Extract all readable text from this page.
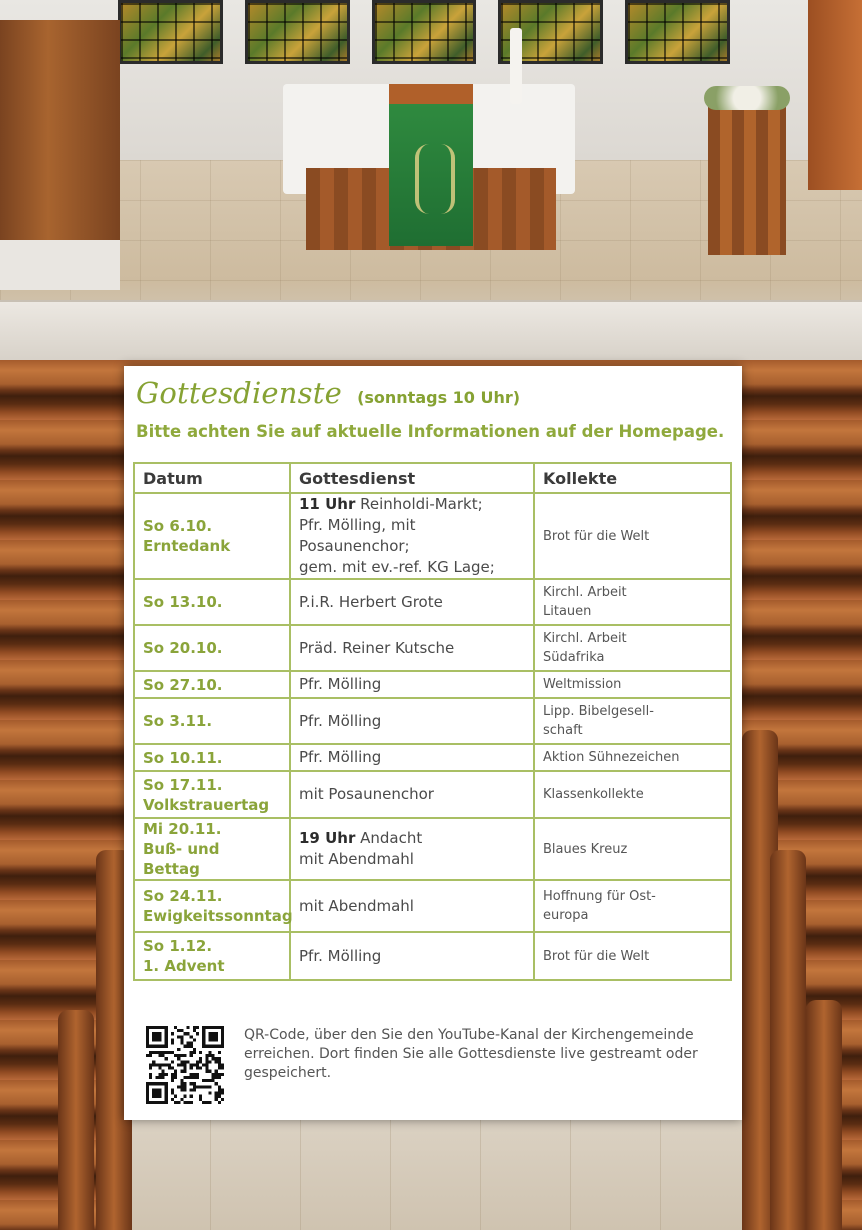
Gottesdienste (sonntags 10 Uhr)
Bitte achten Sie auf aktuelle Informationen auf der Homepage.
Datum	Gottesdienst	Kollekte
So 6.10.
Erntedank	11 Uhr Reinholdi-Markt;
Pfr. Mölling, mit Posaunenchor;
gem. mit ev.-ref. KG Lage;	Brot für die Welt
So 13.10.	P.i.R. Herbert Grote	Kirchl. Arbeit
Litauen
So 20.10.	Präd. Reiner Kutsche	Kirchl. Arbeit
Südafrika
So 27.10.	Pfr. Mölling	Weltmission
So 3.11.	Pfr. Mölling	Lipp. Bibelgesell-
schaft
So 10.11.	Pfr. Mölling	Aktion Sühnezeichen
So 17.11.
Volkstrauertag	mit Posaunenchor	Klassenkollekte
Mi 20.11.
Buß- und Bettag	19 Uhr Andacht
mit Abendmahl	Blaues Kreuz
So 24.11.
Ewigkeitssonntag	mit Abendmahl	Hoffnung für Ost-
europa
So 1.12.
1. Advent	Pfr. Mölling	Brot für die Welt
QR-Code, über den Sie den YouTube-Kanal der Kirchengemeinde erreichen. Dort finden Sie alle Gottesdienste live gestreamt oder gespeichert.
